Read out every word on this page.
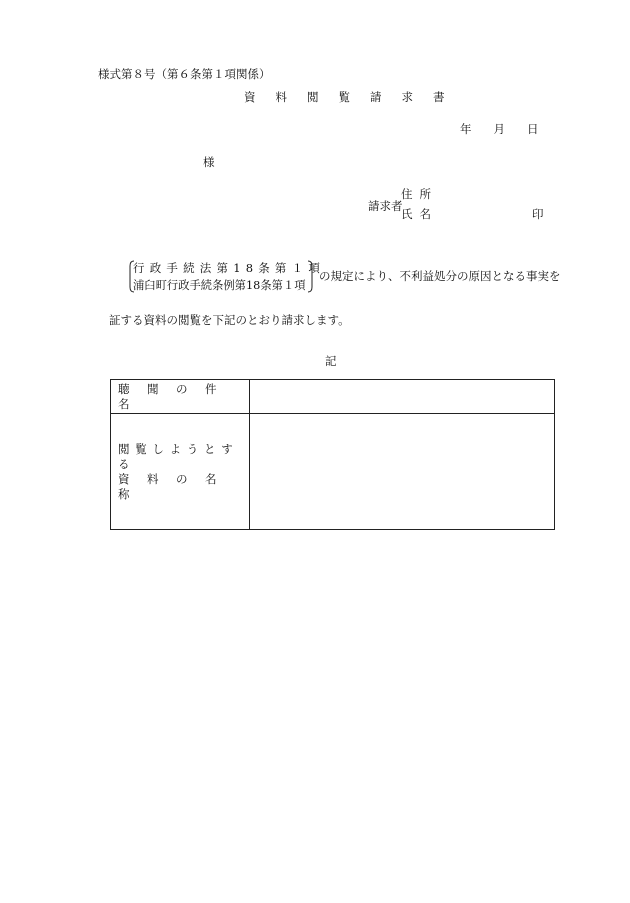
様式第８号（第６条第１項関係）
資料閲覧請求書
年 月 日
様
請求者
住所
氏名	印
行政手続法第18条第１項
浦臼町行政手続条例第18条第１項
の規定により、不利益処分の原因となる事実を
証する資料の閲覧を下記のとおり請求します。
記
聴聞の件名	

閲覧しようとする
資料の名称	
